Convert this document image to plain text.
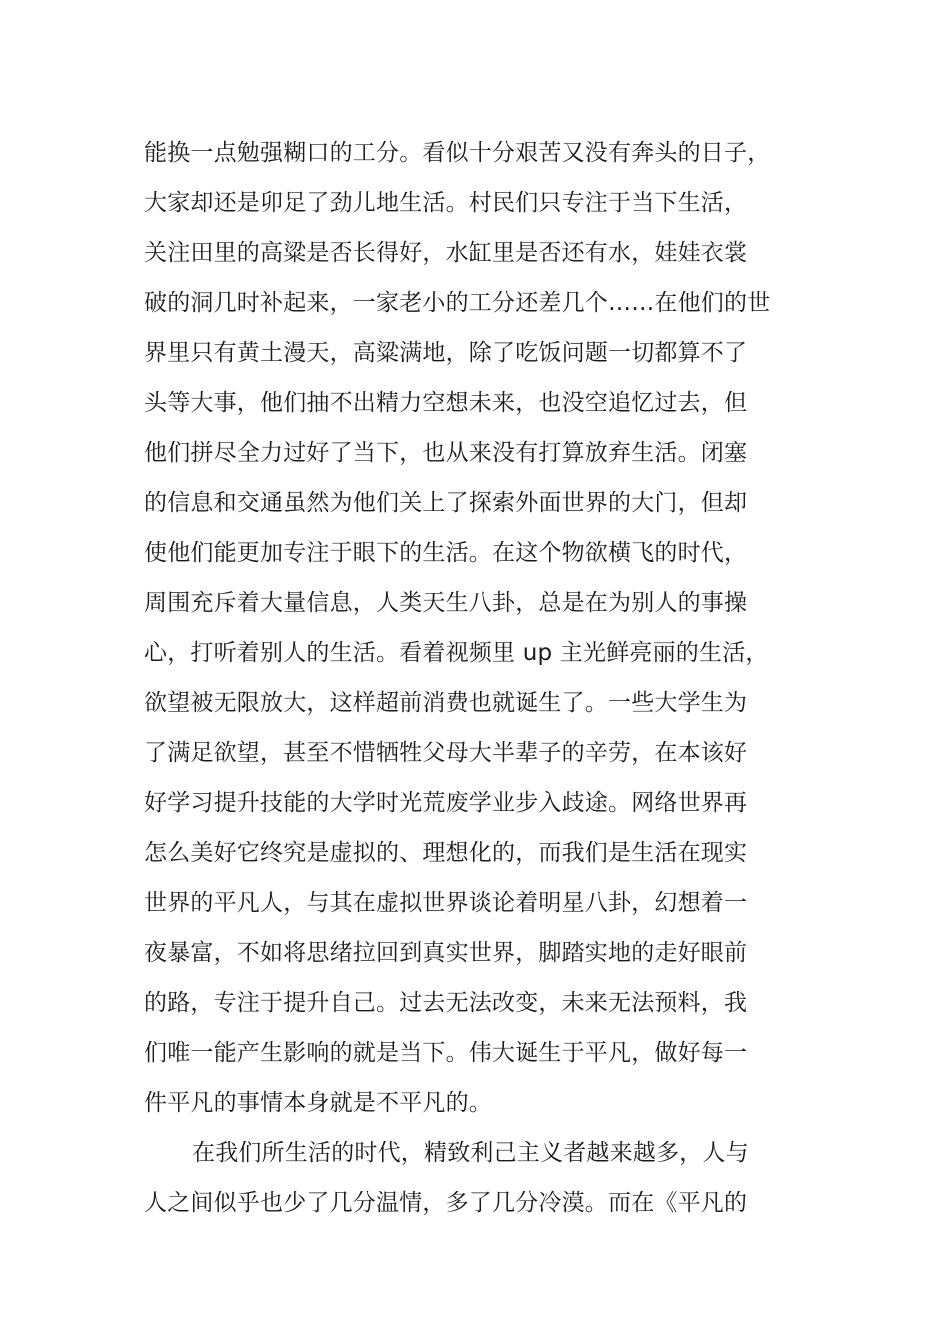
能换一点勉强糊口的工分。看似十分艰苦又没有奔头的日子，
大家却还是卯足了劲儿地生活。村民们只专注于当下生活，
关注田里的高粱是否长得好，水缸里是否还有水，娃娃衣裳
破的洞几时补起来，一家老小的工分还差几个……在他们的世
界里只有黄土漫天，高粱满地，除了吃饭问题一切都算不了
头等大事，他们抽不出精力空想未来，也没空追忆过去，但
他们拼尽全力过好了当下，也从来没有打算放弃生活。闭塞
的信息和交通虽然为他们关上了探索外面世界的大门，但却
使他们能更加专注于眼下的生活。在这个物欲横飞的时代，
周围充斥着大量信息，人类天生八卦，总是在为别人的事操
心，打听着别人的生活。看着视频里 up 主光鲜亮丽的生活，
欲望被无限放大，这样超前消费也就诞生了。一些大学生为
了满足欲望，甚至不惜牺牲父母大半辈子的辛劳，在本该好
好学习提升技能的大学时光荒废学业步入歧途。网络世界再
怎么美好它终究是虚拟的、理想化的，而我们是生活在现实
世界的平凡人，与其在虚拟世界谈论着明星八卦，幻想着一
夜暴富，不如将思绪拉回到真实世界，脚踏实地的走好眼前
的路，专注于提升自己。过去无法改变，未来无法预料，我
们唯一能产生影响的就是当下。伟大诞生于平凡，做好每一
件平凡的事情本身就是不平凡的。
在我们所生活的时代，精致利己主义者越来越多，人与
人之间似乎也少了几分温情，多了几分冷漠。而在《平凡的
